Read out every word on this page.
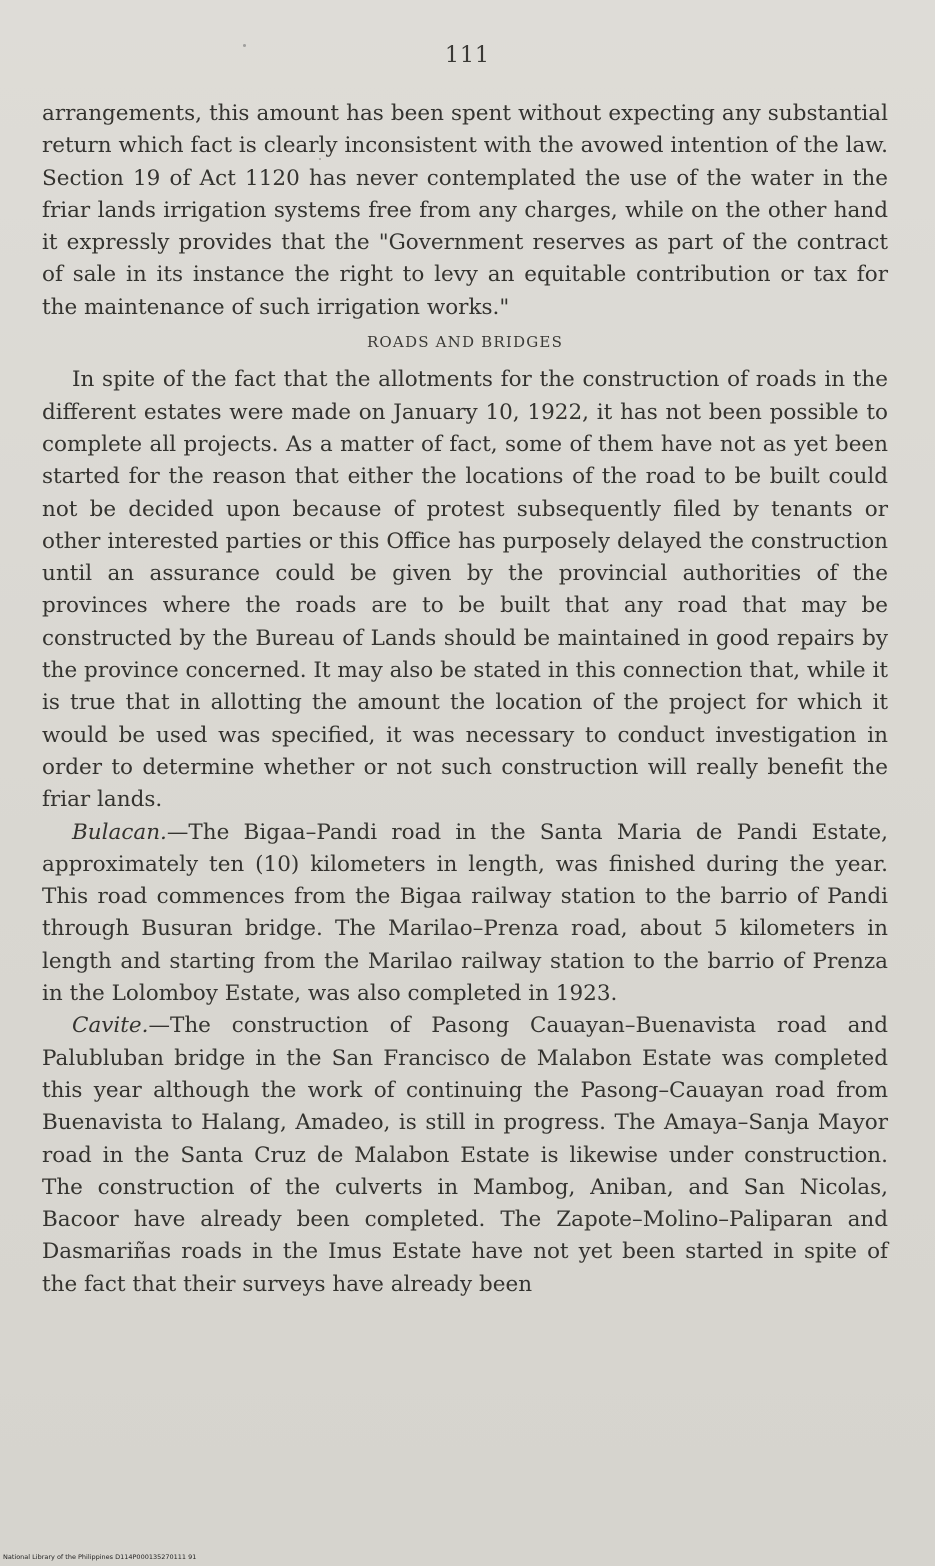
111

arrangements, this amount has been spent without expecting any substantial return which fact is clearly inconsistent with the avowed intention of the law. Section 19 of Act 1120 has never contemplated the use of the water in the friar lands irrigation systems free from any charges, while on the other hand it expressly provides that the "Government reserves as part of the contract of sale in its instance the right to levy an equitable contribution or tax for the maintenance of such irrigation works."

ROADS AND BRIDGES

In spite of the fact that the allotments for the construction of roads in the different estates were made on January 10, 1922, it has not been possible to complete all projects. As a matter of fact, some of them have not as yet been started for the reason that either the locations of the road to be built could not be decided upon because of protest subsequently filed by tenants or other interested parties or this Office has purposely delayed the construction until an assurance could be given by the provincial authorities of the provinces where the roads are to be built that any road that may be constructed by the Bureau of Lands should be maintained in good repairs by the province concerned. It may also be stated in this connection that, while it is true that in allotting the amount the location of the project for which it would be used was specified, it was necessary to conduct investigation in order to determine whether or not such construction will really benefit the friar lands.

Bulacan.—The Bigaa–Pandi road in the Santa Maria de Pandi Estate, approximately ten (10) kilometers in length, was finished during the year. This road commences from the Bigaa railway station to the barrio of Pandi through Busuran bridge. The Marilao–Prenza road, about 5 kilometers in length and starting from the Marilao railway station to the barrio of Prenza in the Lolomboy Estate, was also completed in 1923.

Cavite.—The construction of Pasong Cauayan–Buenavista road and Palubluban bridge in the San Francisco de Malabon Estate was completed this year although the work of continuing the Pasong–Cauayan road from Buenavista to Halang, Amadeo, is still in progress. The Amaya–Sanja Mayor road in the Santa Cruz de Malabon Estate is likewise under construction. The construction of the culverts in Mambog, Aniban, and San Nicolas, Bacoor have already been completed. The Zapote–Molino–Paliparan and Dasmariñas roads in the Imus Estate have not yet been started in spite of the fact that their surveys have already been

National Library of the Philippines D114P000135270111 91
